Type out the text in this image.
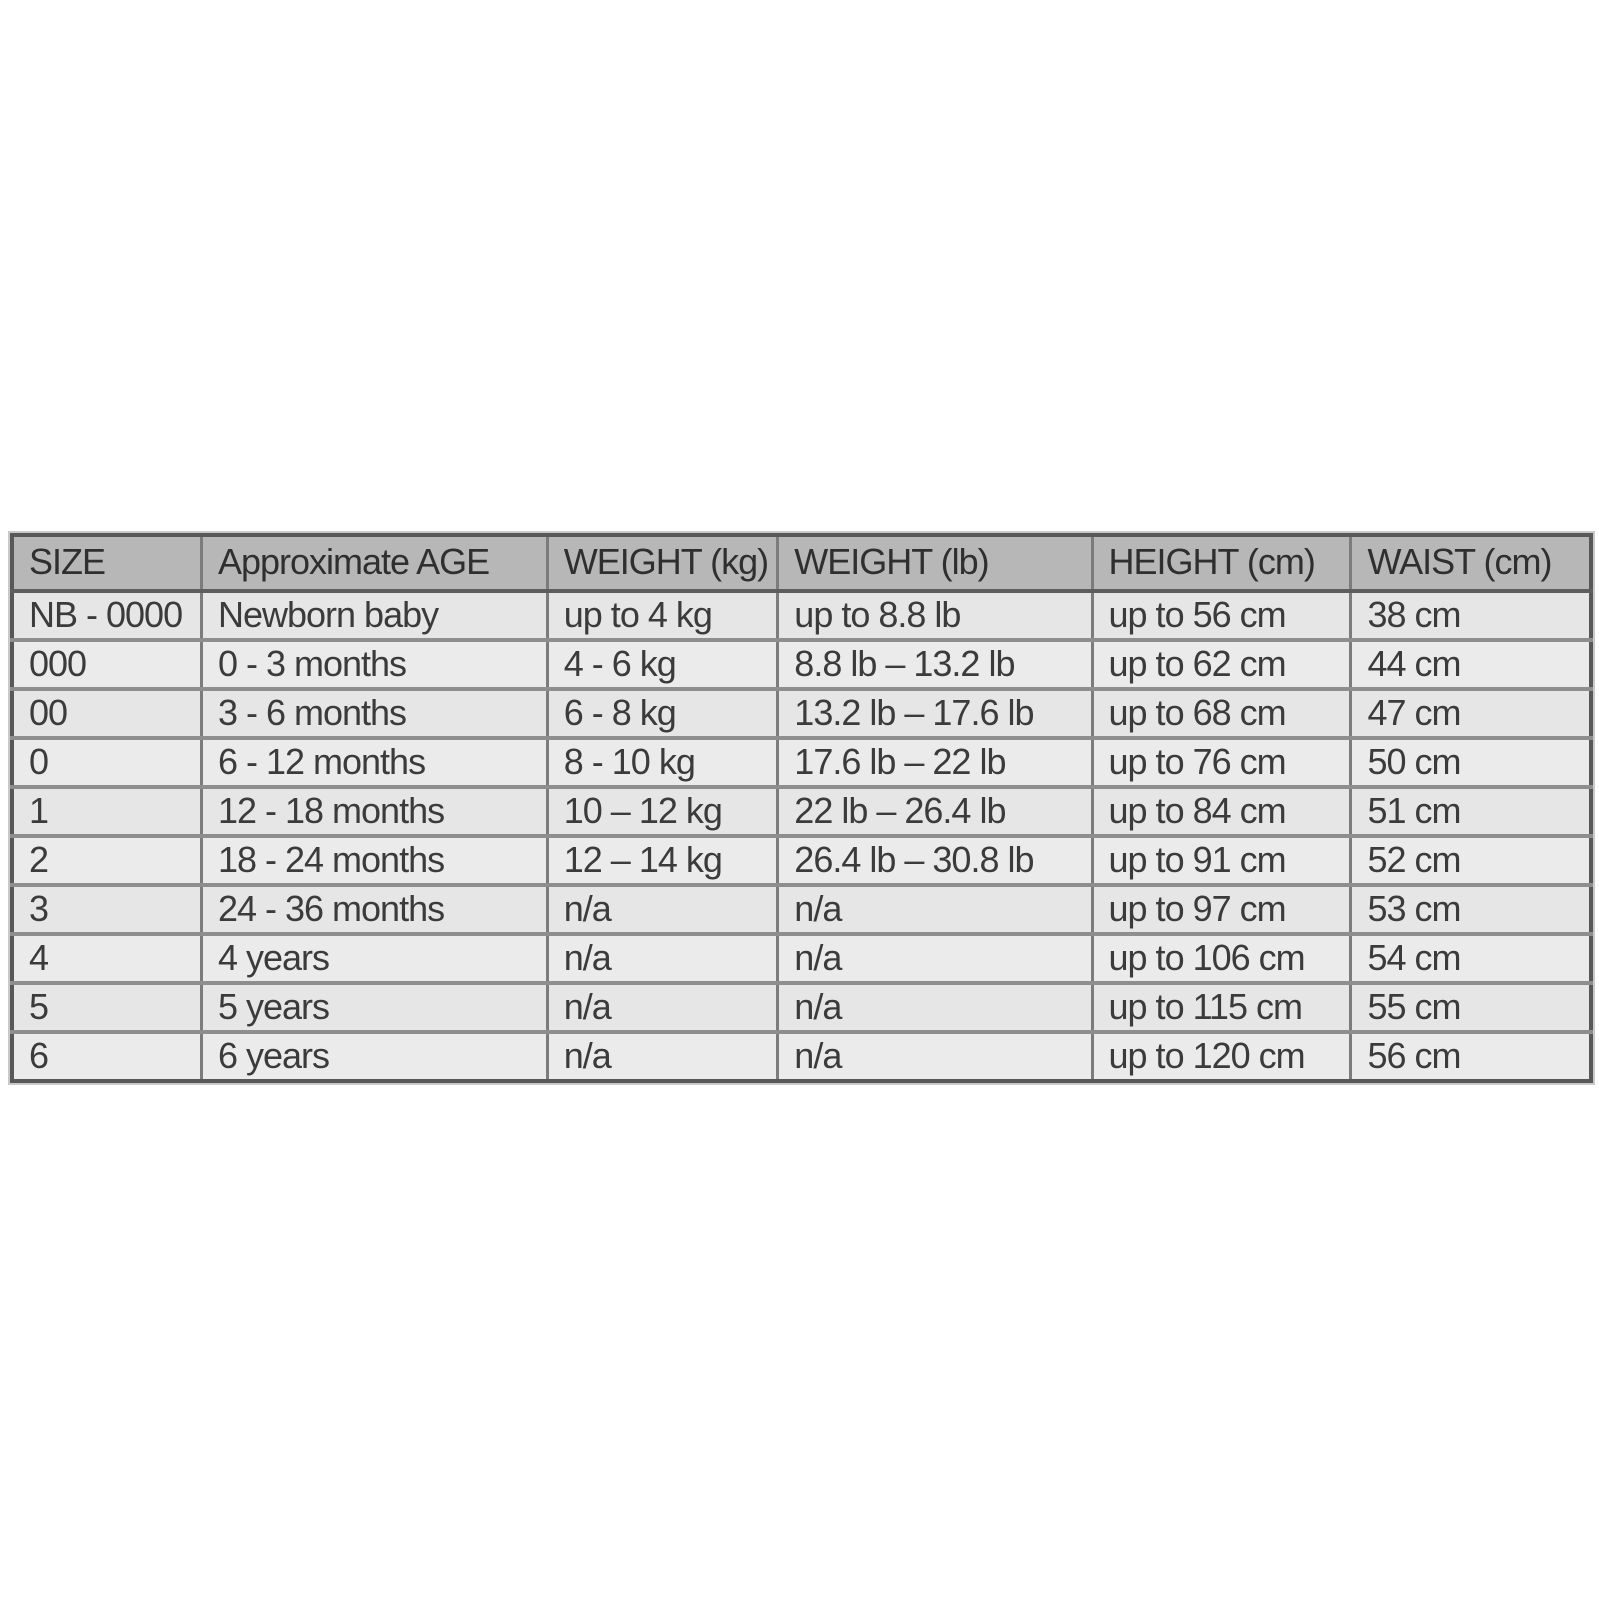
SIZE	Approximate AGE	WEIGHT (kg)	WEIGHT (lb)	HEIGHT (cm)	WAIST (cm)
NB - 0000	Newborn baby	up to 4 kg	up to 8.8 lb	up to 56 cm	38 cm
000	0 - 3 months	4 - 6 kg	8.8 lb – 13.2 lb	up to 62 cm	44 cm
00	3 - 6 months	6 - 8 kg	13.2 lb – 17.6 lb	up to 68 cm	47 cm
0	6 - 12 months	8 - 10 kg	17.6 lb – 22 lb	up to 76 cm	50 cm
1	12 - 18 months	10 – 12 kg	22 lb – 26.4 lb	up to 84 cm	51 cm
2	18 - 24 months	12 – 14 kg	26.4 lb – 30.8 lb	up to 91 cm	52 cm
3	24 - 36 months	n/a	n/a	up to 97 cm	53 cm
4	4 years	n/a	n/a	up to 106 cm	54 cm
5	5 years	n/a	n/a	up to 115 cm	55 cm
6	6 years	n/a	n/a	up to 120 cm	56 cm
